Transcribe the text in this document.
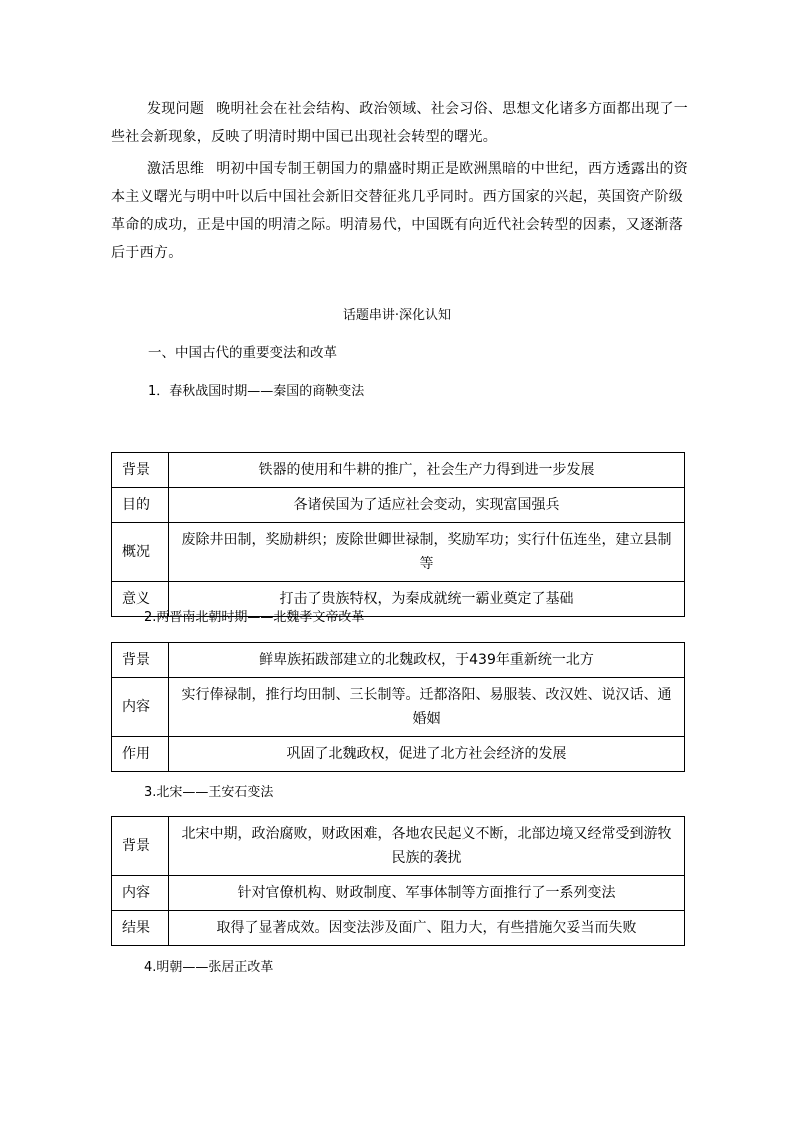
发现问题 晚明社会在社会结构、政治领域、社会习俗、思想文化诸多方面都出现了一些社会新现象，反映了明清时期中国已出现社会转型的曙光。

激活思维 明初中国专制王朝国力的鼎盛时期正是欧洲黑暗的中世纪，西方透露出的资本主义曙光与明中叶以后中国社会新旧交替征兆几乎同时。西方国家的兴起，英国资产阶级革命的成功，正是中国的明清之际。明清易代，中国既有向近代社会转型的因素，又逐渐落后于西方。

话题串讲·深化认知
一、中国古代的重要变法和改革
1．春秋战国时期——秦国的商鞅变法
背景	铁器的使用和牛耕的推广，社会生产力得到进一步发展
目的	各诸侯国为了适应社会变动，实现富国强兵
概况	废除井田制，奖励耕织；废除世卿世禄制，奖励军功；实行什伍连坐，建立县制等
意义	打击了贵族特权，为秦成就统一霸业奠定了基础
2.两晋南北朝时期——北魏孝文帝改革
背景	鲜卑族拓跋部建立的北魏政权，于439年重新统一北方
内容	实行俸禄制，推行均田制、三长制等。迁都洛阳、易服装、改汉姓、说汉话、通婚姻
作用	巩固了北魏政权，促进了北方社会经济的发展
3.北宋——王安石变法
背景	北宋中期，政治腐败，财政困难，各地农民起义不断，北部边境又经常受到游牧民族的袭扰
内容	针对官僚机构、财政制度、军事体制等方面推行了一系列变法
结果	取得了显著成效。因变法涉及面广、阻力大，有些措施欠妥当而失败
4.明朝——张居正改革
